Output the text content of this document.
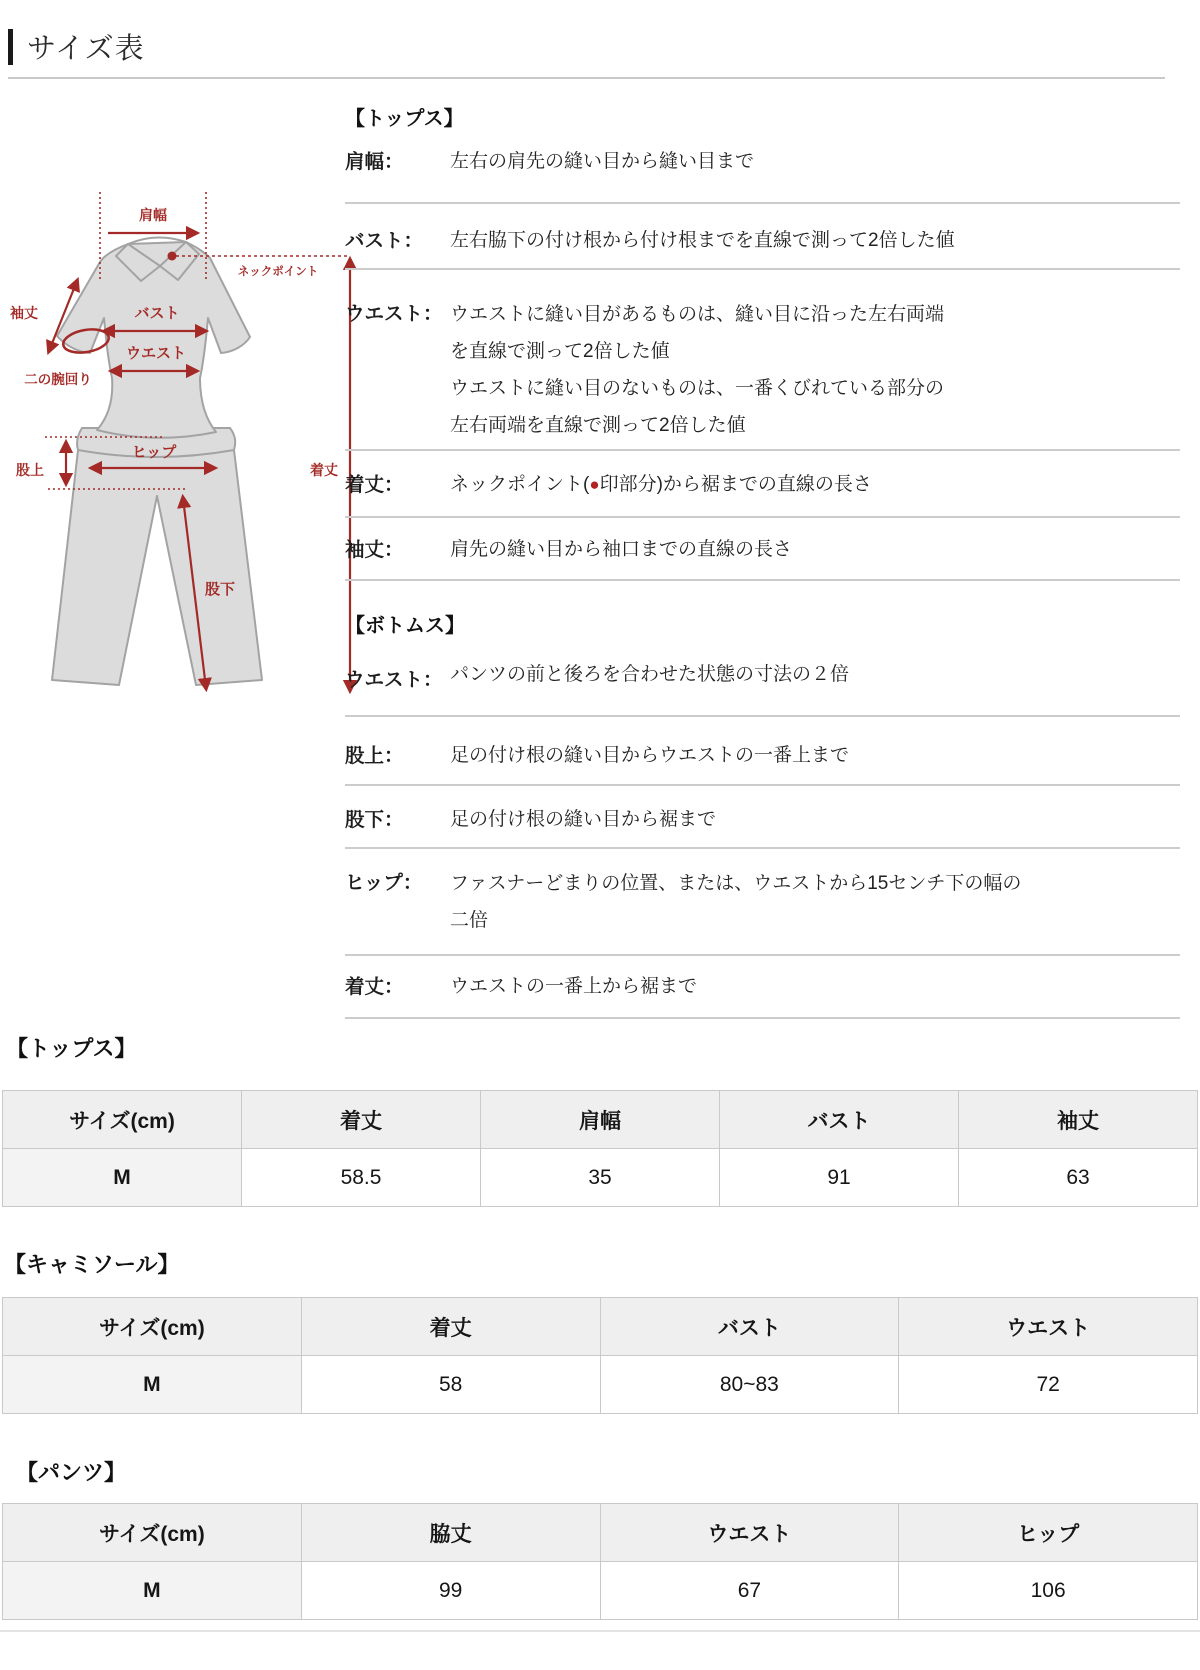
サイズ表
肩幅
ネックポイント
バスト
ウエスト
袖丈
二の腕回り
股上
ヒップ
股下
着丈
【トップス】
肩幅：	左右の肩先の縫い目から縫い目まで
バスト：	左右脇下の付け根から付け根までを直線で測って2倍した値
ウエスト： ウエストに縫い目があるものは、縫い目に沿った左右両端
を直線で測って2倍した値
ウエストに縫い目のないものは、一番くびれている部分の
左右両端を直線で測って2倍した値
着丈：	ネックポイント(●印部分)から裾までの直線の長さ
袖丈：	肩先の縫い目から袖口までの直線の長さ
【ボトムス】
ウエスト： パンツの前と後ろを合わせた状態の寸法の２倍
股上：	足の付け根の縫い目からウエストの一番上まで
股下：	足の付け根の縫い目から裾まで
ヒップ：	ファスナーどまりの位置、または、ウエストから15センチ下の幅の
二倍
着丈：	ウエストの一番上から裾まで
【トップス】
サイズ(cm)	着丈	肩幅	バスト	袖丈
M	58.5	35	91	63
【キャミソール】
サイズ(cm)	着丈	バスト	ウエスト
M	58	80~83	72
【パンツ】
サイズ(cm)	脇丈	ウエスト	ヒップ
M	99	67	106
